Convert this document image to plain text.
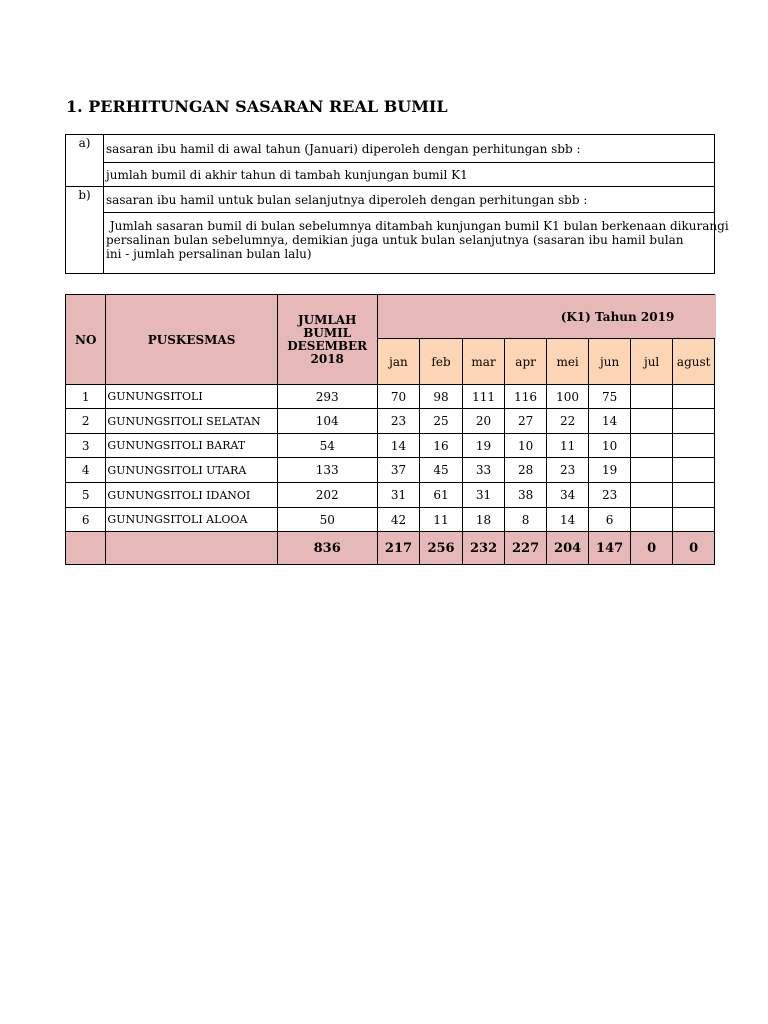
1. PERHITUNGAN SASARAN REAL BUMIL
a)	sasaran ibu hamil di awal tahun (Januari) diperoleh dengan perhitungan sbb :
	jumlah bumil di akhir tahun di tambah kunjungan bumil K1
b)	sasaran ibu hamil untuk bulan selanjutnya diperoleh dengan perhitungan sbb :
	Jumlah sasaran bumil di bulan sebelumnya ditambah kunjungan bumil K1 bulan berkenaan dikurangi
persalinan bulan sebelumnya, demikian juga untuk bulan selanjutnya (sasaran ibu hamil bulan
ini - jumlah persalinan bulan lalu)
NO	PUSKESMAS	JUMLAH
BUMIL
DESEMBER
2018	(K1) Tahun 2019							
			jan	feb	mar	apr	mei	jun	jul	agust
1	GUNUNGSITOLI	293	70	98	111	116	100	75		
2	GUNUNGSITOLI SELATAN	104	23	25	20	27	22	14		
3	GUNUNGSITOLI BARAT	54	14	16	19	10	11	10		
4	GUNUNGSITOLI UTARA	133	37	45	33	28	23	19		
5	GUNUNGSITOLI IDANOI	202	31	61	31	38	34	23		
6	GUNUNGSITOLI ALOOA	50	42	11	18	8	14	6		
		836	217	256	232	227	204	147	0	0
